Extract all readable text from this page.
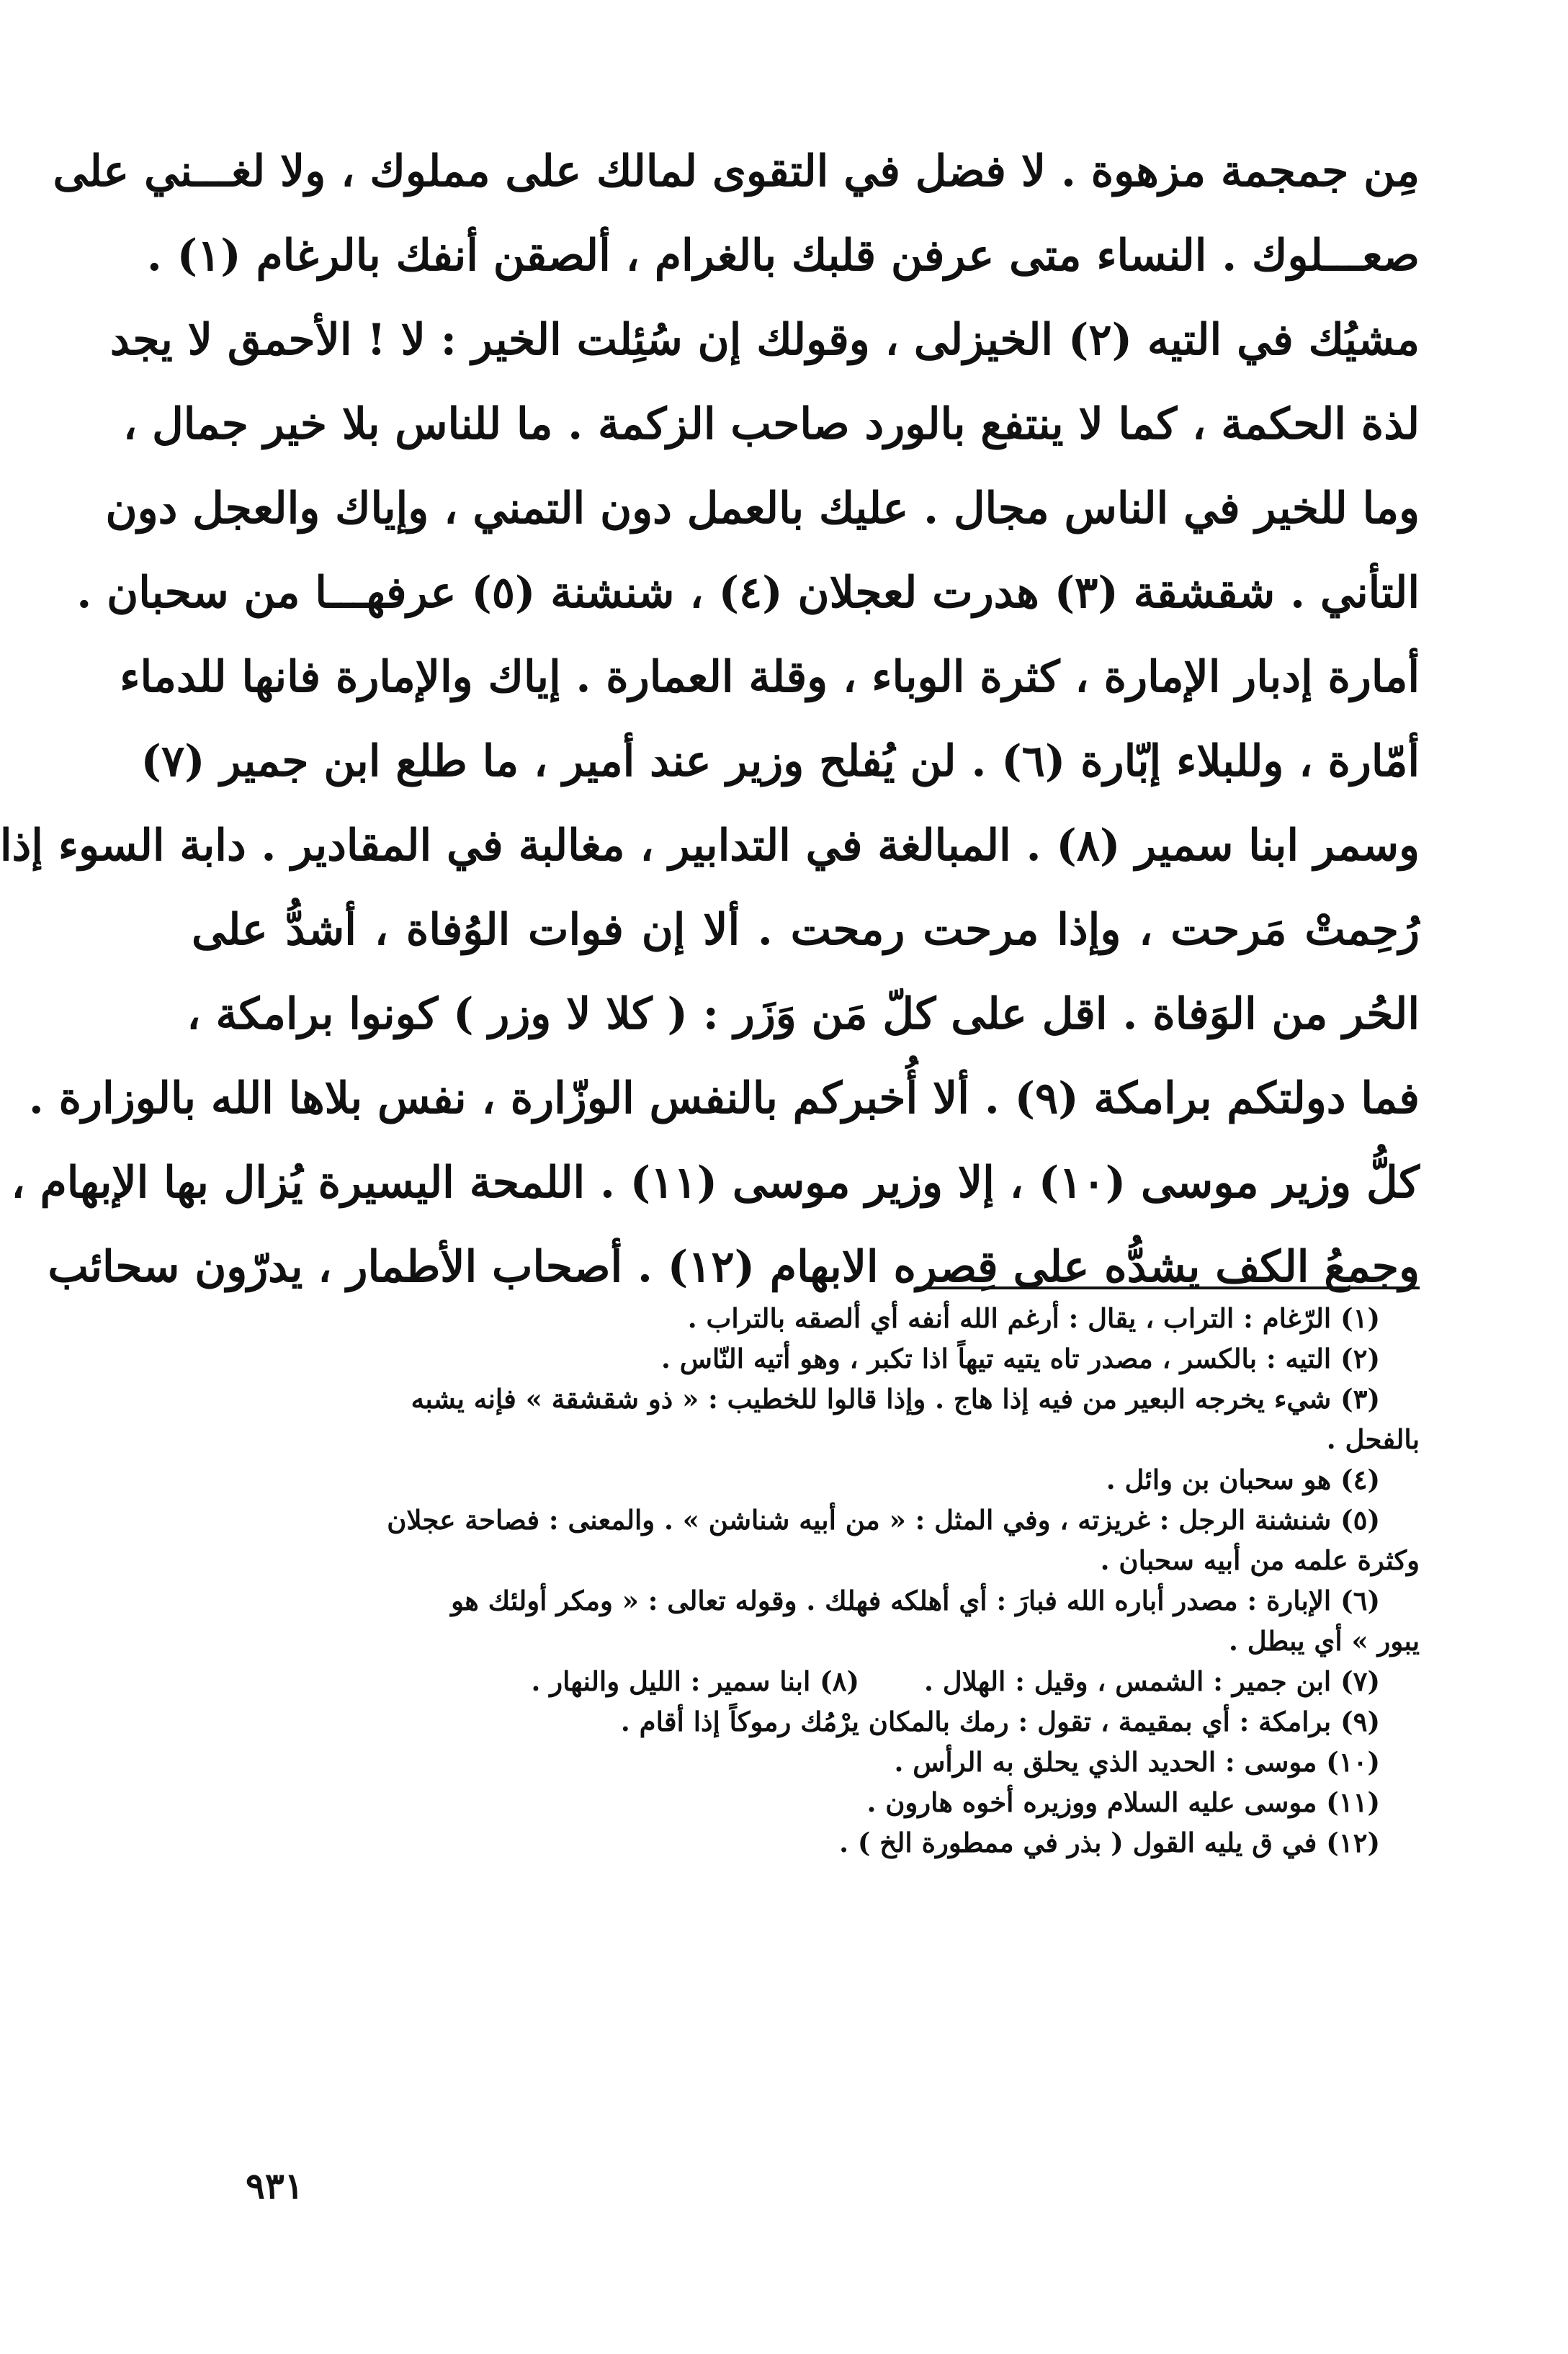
مِن جمجمة مزهوة . لا فضل في التقوى لمالك على مملوك ، ولا لغـــني على
صعـــلوك . النساء متى عرفن قلبك بالغرام ، ألصقن أنفك بالرغام (١) .
مشيُك في التيه (٢) الخيزلى ، وقولك إن سُئِلت الخير : لا ! الأحمق لا يجد
لذة الحكمة ، كما لا ينتفع بالورد صاحب الزكمة . ما للناس بلا خير جمال ،
وما للخير في الناس مجال . عليك بالعمل دون التمني ، وإياك والعجل دون
التأني . شقشقة (٣) هدرت لعجلان (٤) ، شنشنة (٥) عرفهـــا من سحبان .
أمارة إدبار الإمارة ، كثرة الوباء ، وقلة العمارة . إياك والإمارة فانها للدماء
أمّارة ، وللبلاء إبّارة (٦) . لن يُفلح وزير عند أمير ، ما طلع ابن جمير (٧)
وسمر ابنا سمير (٨) . المبالغة في التدابير ، مغالبة في المقادير . دابة السوء إذا
رُحِمتْ مَرحت ، وإذا مرحت رمحت . ألا إن فوات الوُفاة ، أشدُّ على
الحُر من الوَفاة . اقل على كلّ مَن وَزَر : ( كلا لا وزر ) كونوا برامكة ،
فما دولتكم برامكة (٩) . ألا أُخبركم بالنفس الوزّارة ، نفس بلاها الله بالوزارة .
كلُّ وزير موسى (١٠) ، إلا وزير موسى (١١) . اللمحة اليسيرة يُزال بها الإبهام ،
وجمعُ الكف يشدُّه على قِصره الابهام (١٢) . أصحاب الأطمار ، يدرّون سحائب
(١) الرّغام : التراب ، يقال : أرغم الله أنفه أي ألصقه بالتراب .
(٢) التيه : بالكسر ، مصدر تاه يتيه تيهاً اذا تكبر ، وهو أتيه النّاس .
(٣) شيء يخرجه البعير من فيه إذا هاج . وإذا قالوا للخطيب : « ذو شقشقة » فإنه يشبه
بالفحل .
(٤) هو سحبان بن وائل .
(٥) شنشنة الرجل : غريزته ، وفي المثل : « من أبيه شناشن » . والمعنى : فصاحة عجلان
وكثرة علمه من أبيه سحبان .
(٦) الإبارة : مصدر أباره الله فبارَ : أي أهلكه فهلك . وقوله تعالى : « ومكر أولئك هو
يبور » أي يبطل .
(٧) ابن جمير : الشمس ، وقيل : الهلال .
(٨) ابنا سمير : الليل والنهار .
(٩) برامكة : أي بمقيمة ، تقول : رمك بالمكان يرْمُك رموكاً إذا أقام .
(١٠) موسى : الحديد الذي يحلق به الرأس .
(١١) موسى عليه السلام ووزيره أخوه هارون .
(١٢) في ق يليه القول ( بذر في ممطورة الخ ) .
٩٣١
